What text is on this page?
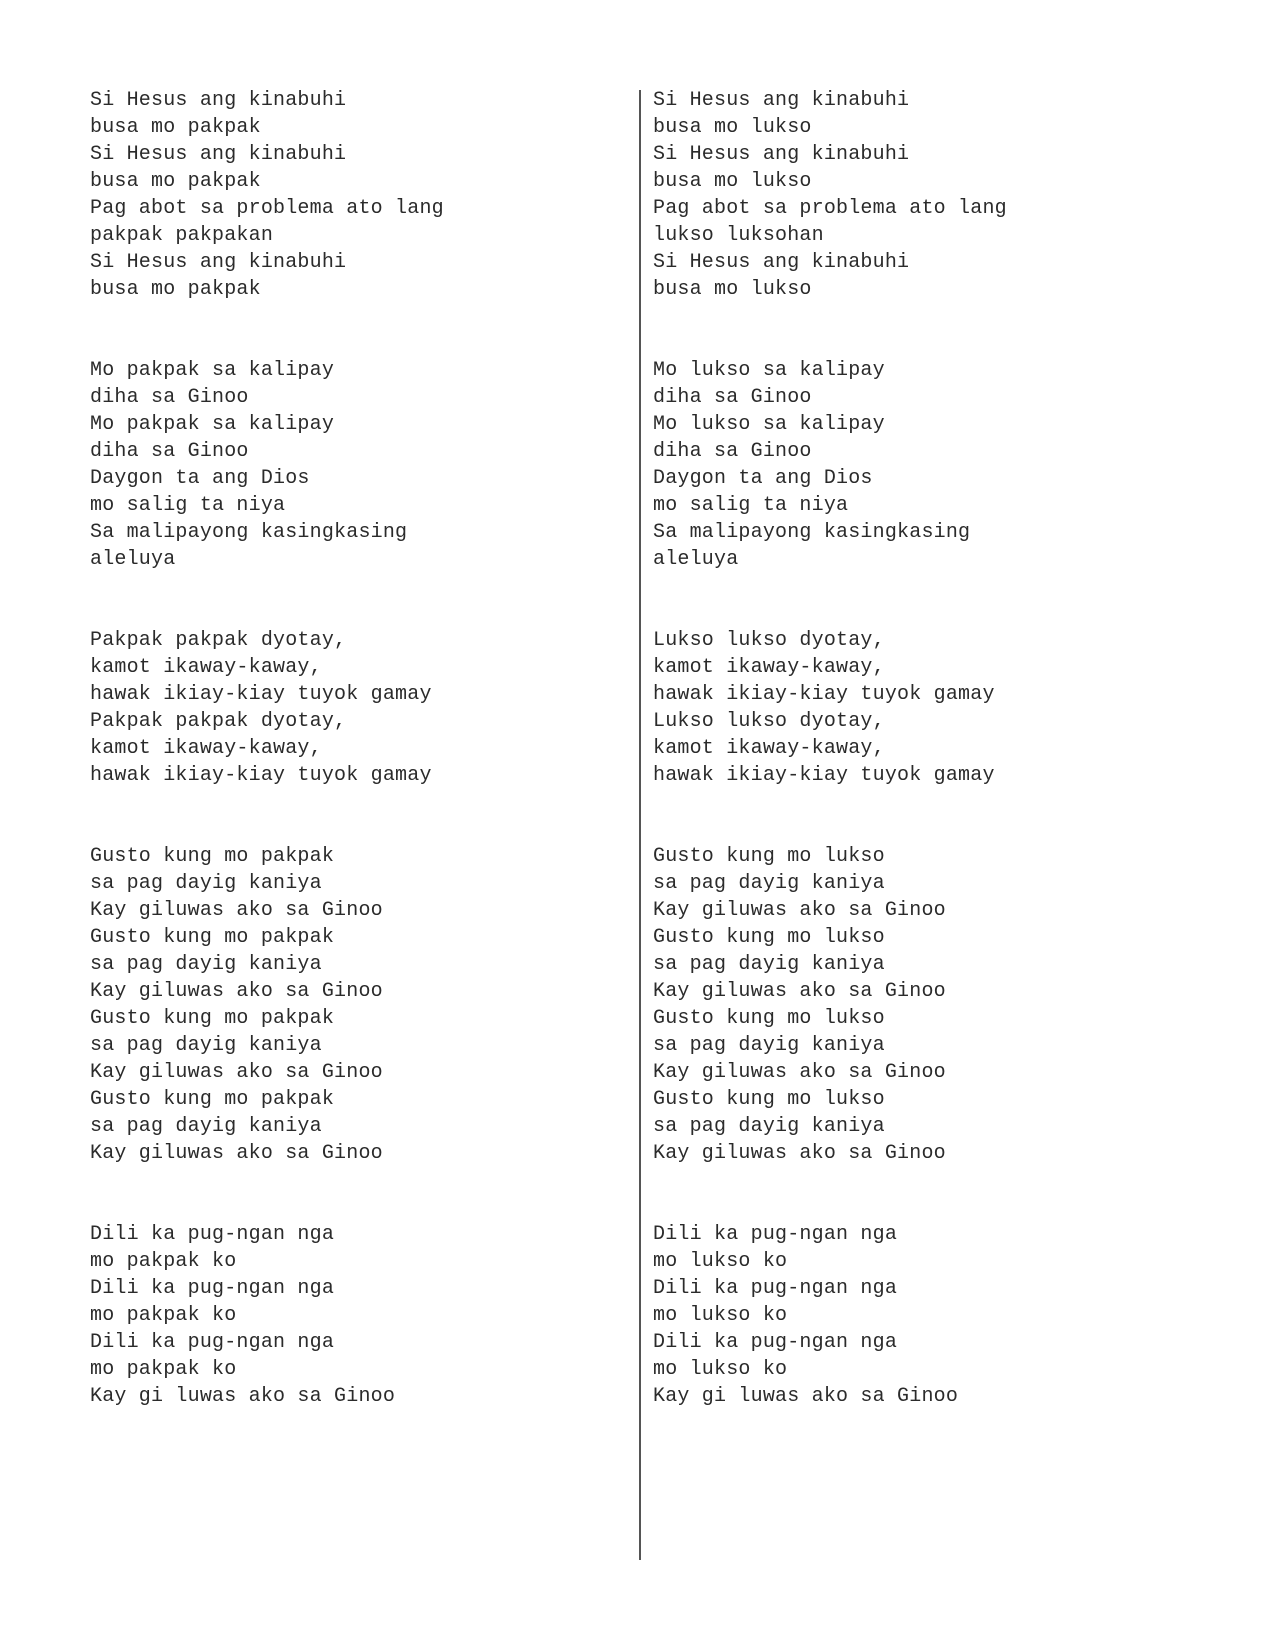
Si Hesus ang kinabuhi
busa mo pakpak
Si Hesus ang kinabuhi
busa mo pakpak
Pag abot sa problema ato lang
pakpak pakpakan
Si Hesus ang kinabuhi
busa mo pakpak
Mo pakpak sa kalipay
diha sa Ginoo
Mo pakpak sa kalipay
diha sa Ginoo
Daygon ta ang Dios
mo salig ta niya
Sa malipayong kasingkasing
aleluya
Pakpak pakpak dyotay,
kamot ikaway-kaway,
hawak ikiay-kiay tuyok gamay
Pakpak pakpak dyotay,
kamot ikaway-kaway,
hawak ikiay-kiay tuyok gamay
Gusto kung mo pakpak
sa pag dayig kaniya
Kay giluwas ako sa Ginoo
Gusto kung mo pakpak
sa pag dayig kaniya
Kay giluwas ako sa Ginoo
Gusto kung mo pakpak
sa pag dayig kaniya
Kay giluwas ako sa Ginoo
Gusto kung mo pakpak
sa pag dayig kaniya
Kay giluwas ako sa Ginoo
Dili ka pug-ngan nga
mo pakpak ko
Dili ka pug-ngan nga
mo pakpak ko
Dili ka pug-ngan nga
mo pakpak ko
Kay gi luwas ako sa Ginoo
Si Hesus ang kinabuhi
busa mo lukso
Si Hesus ang kinabuhi
busa mo lukso
Pag abot sa problema ato lang
lukso luksohan
Si Hesus ang kinabuhi
busa mo lukso
Mo lukso sa kalipay
diha sa Ginoo
Mo lukso sa kalipay
diha sa Ginoo
Daygon ta ang Dios
mo salig ta niya
Sa malipayong kasingkasing
aleluya
Lukso lukso dyotay,
kamot ikaway-kaway,
hawak ikiay-kiay tuyok gamay
Lukso lukso dyotay,
kamot ikaway-kaway,
hawak ikiay-kiay tuyok gamay
Gusto kung mo lukso
sa pag dayig kaniya
Kay giluwas ako sa Ginoo
Gusto kung mo lukso
sa pag dayig kaniya
Kay giluwas ako sa Ginoo
Gusto kung mo lukso
sa pag dayig kaniya
Kay giluwas ako sa Ginoo
Gusto kung mo lukso
sa pag dayig kaniya
Kay giluwas ako sa Ginoo
Dili ka pug-ngan nga
mo lukso ko
Dili ka pug-ngan nga
mo lukso ko
Dili ka pug-ngan nga
mo lukso ko
Kay gi luwas ako sa Ginoo
